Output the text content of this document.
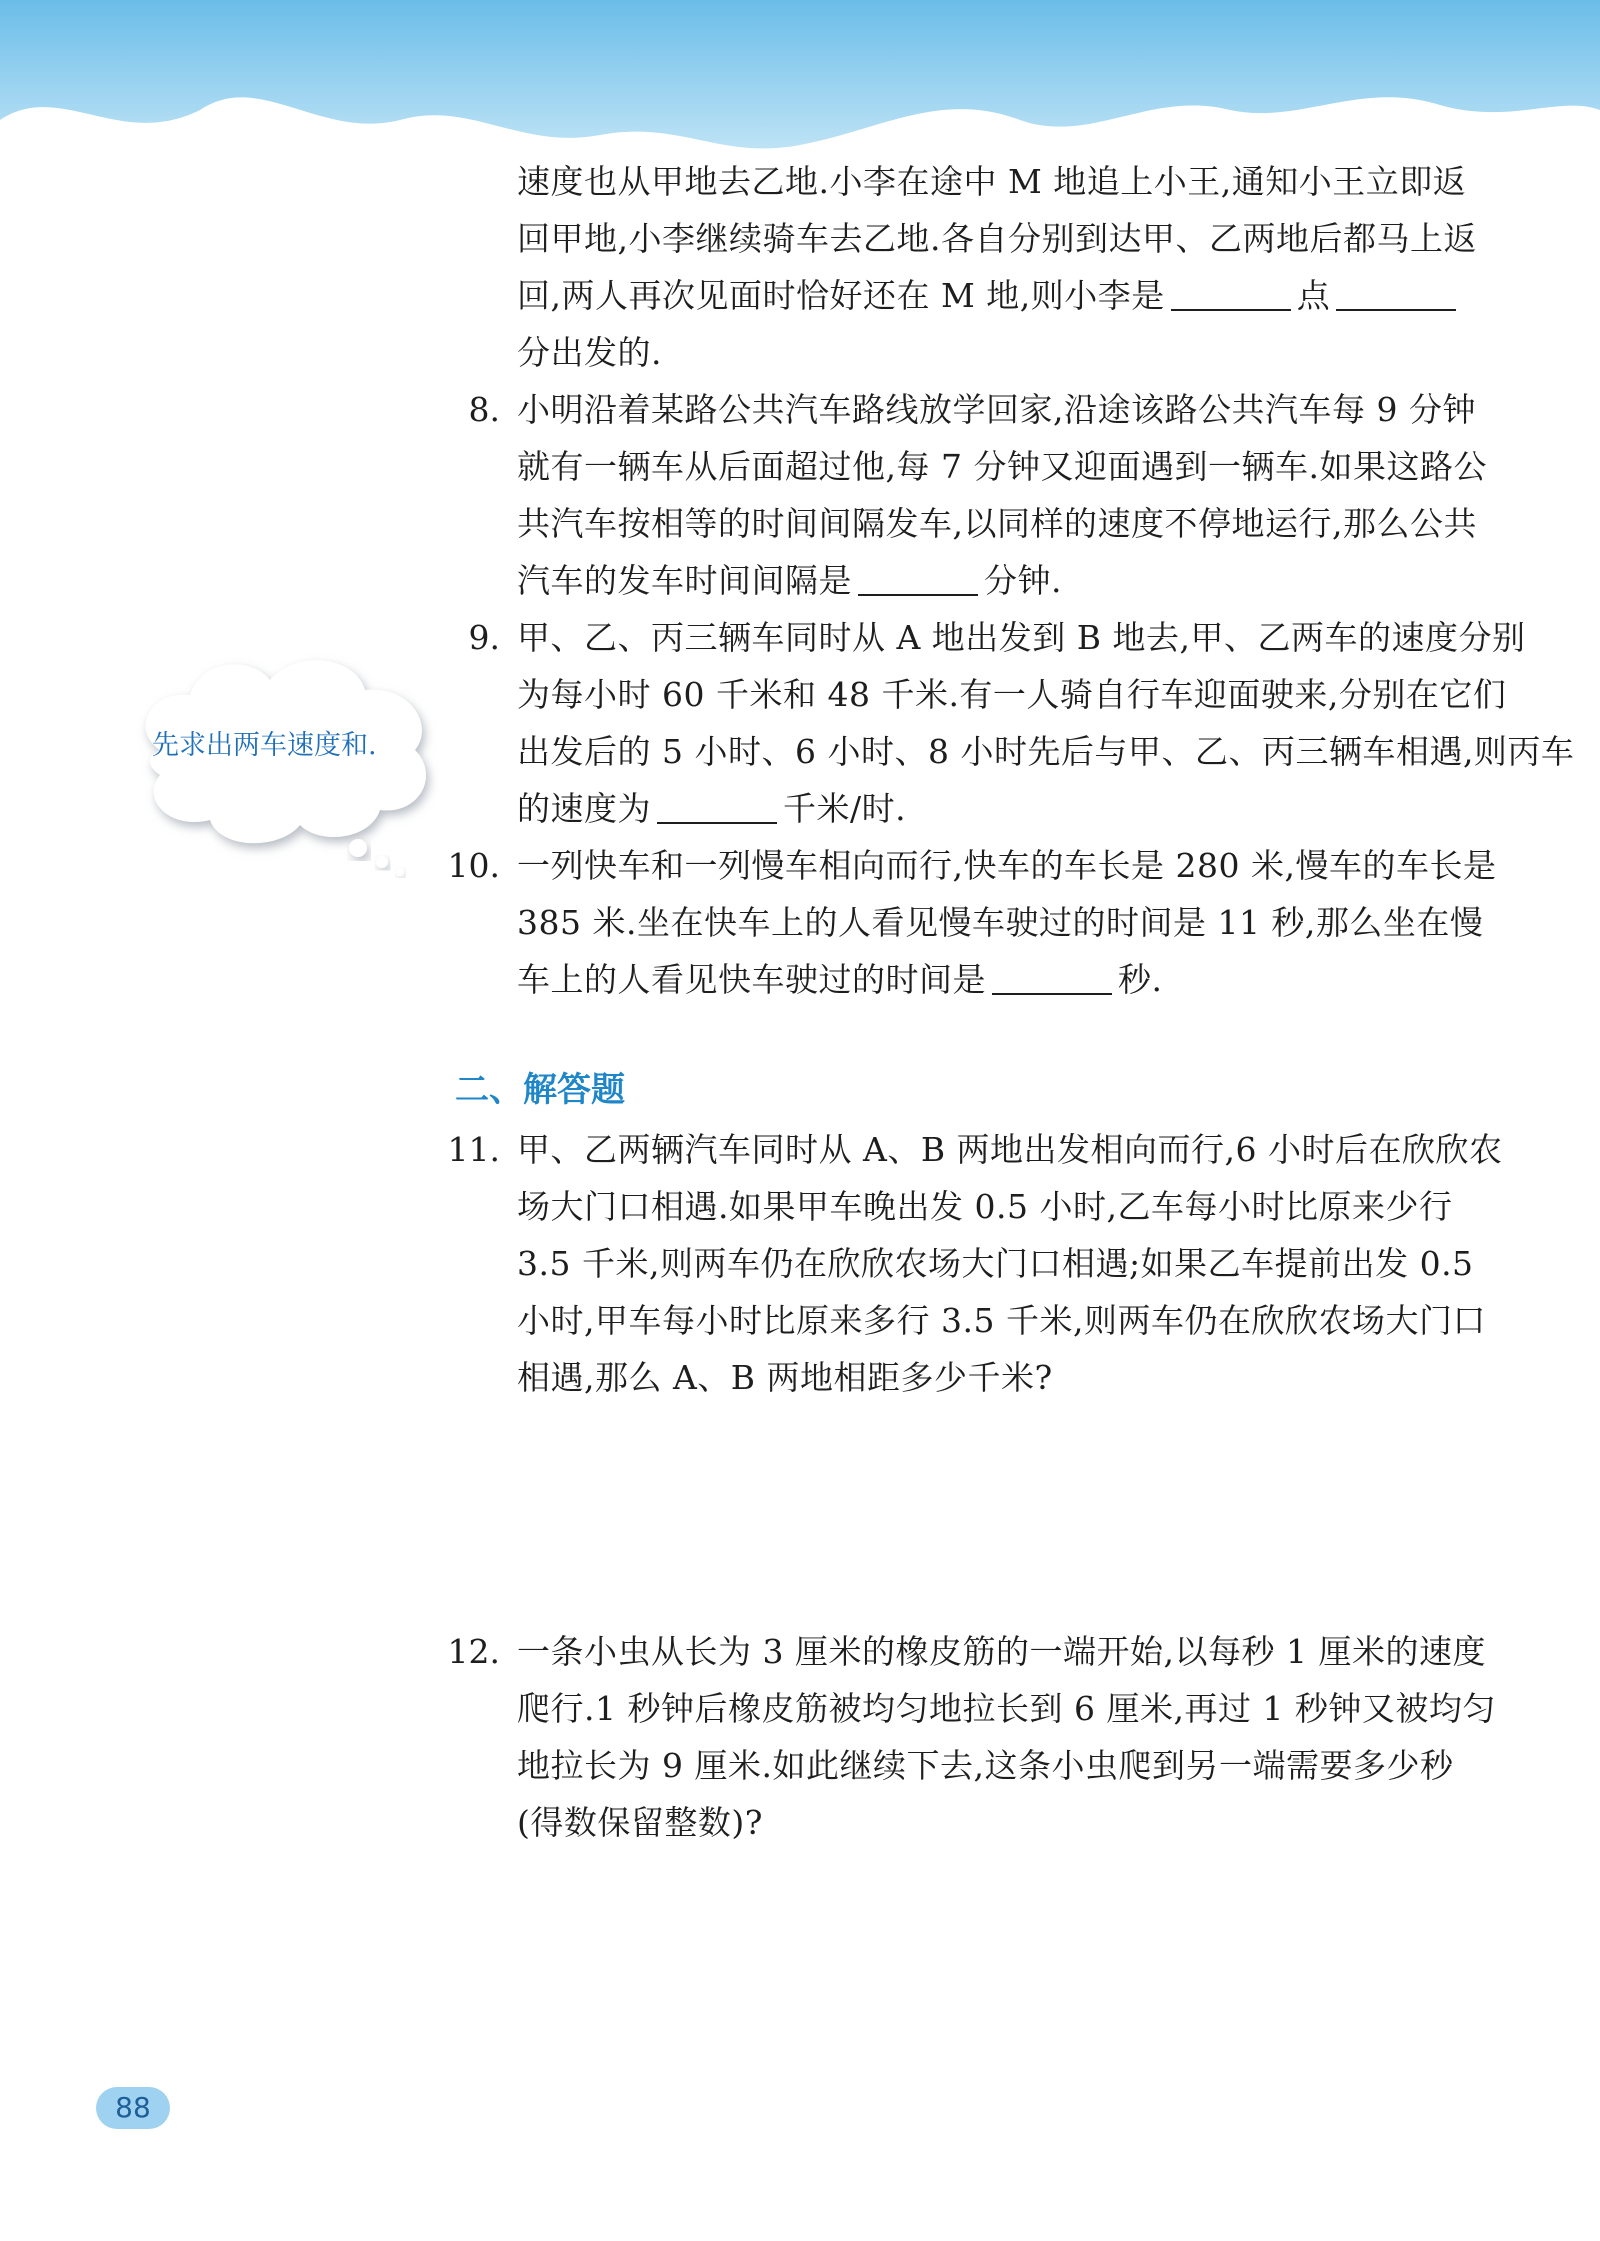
速度也从甲地去乙地.小李在途中 M 地追上小王,通知小王立即返
回甲地,小李继续骑车去乙地.各自分别到达甲、乙两地后都马上返
回,两人再次见面时恰好还在 M 地,则小李是	点
分出发的.
8. 小明沿着某路公共汽车路线放学回家,沿途该路公共汽车每 9 分钟
就有一辆车从后面超过他,每 7 分钟又迎面遇到一辆车.如果这路公
共汽车按相等的时间间隔发车,以同样的速度不停地运行,那么公共
汽车的发车时间间隔是	分钟.
9. 甲、乙、丙三辆车同时从 A 地出发到 B 地去,甲、乙两车的速度分别
为每小时 60 千米和 48 千米.有一人骑自行车迎面驶来,分别在它们
出发后的 5 小时、6 小时、8 小时先后与甲、乙、丙三辆车相遇,则丙车
的速度为	千米/时.
先求出两车速度和.
10. 一列快车和一列慢车相向而行,快车的车长是 280 米,慢车的车长是
385 米.坐在快车上的人看见慢车驶过的时间是 11 秒,那么坐在慢
车上的人看见快车驶过的时间是	秒.
二、解答题
11. 甲、乙两辆汽车同时从 A、B 两地出发相向而行,6 小时后在欣欣农
场大门口相遇.如果甲车晚出发 0.5 小时,乙车每小时比原来少行
3.5 千米,则两车仍在欣欣农场大门口相遇;如果乙车提前出发 0.5
小时,甲车每小时比原来多行 3.5 千米,则两车仍在欣欣农场大门口
相遇,那么 A、B 两地相距多少千米?
12. 一条小虫从长为 3 厘米的橡皮筋的一端开始,以每秒 1 厘米的速度
爬行.1 秒钟后橡皮筋被均匀地拉长到 6 厘米,再过 1 秒钟又被均匀
地拉长为 9 厘米.如此继续下去,这条小虫爬到另一端需要多少秒
(得数保留整数)?
88
